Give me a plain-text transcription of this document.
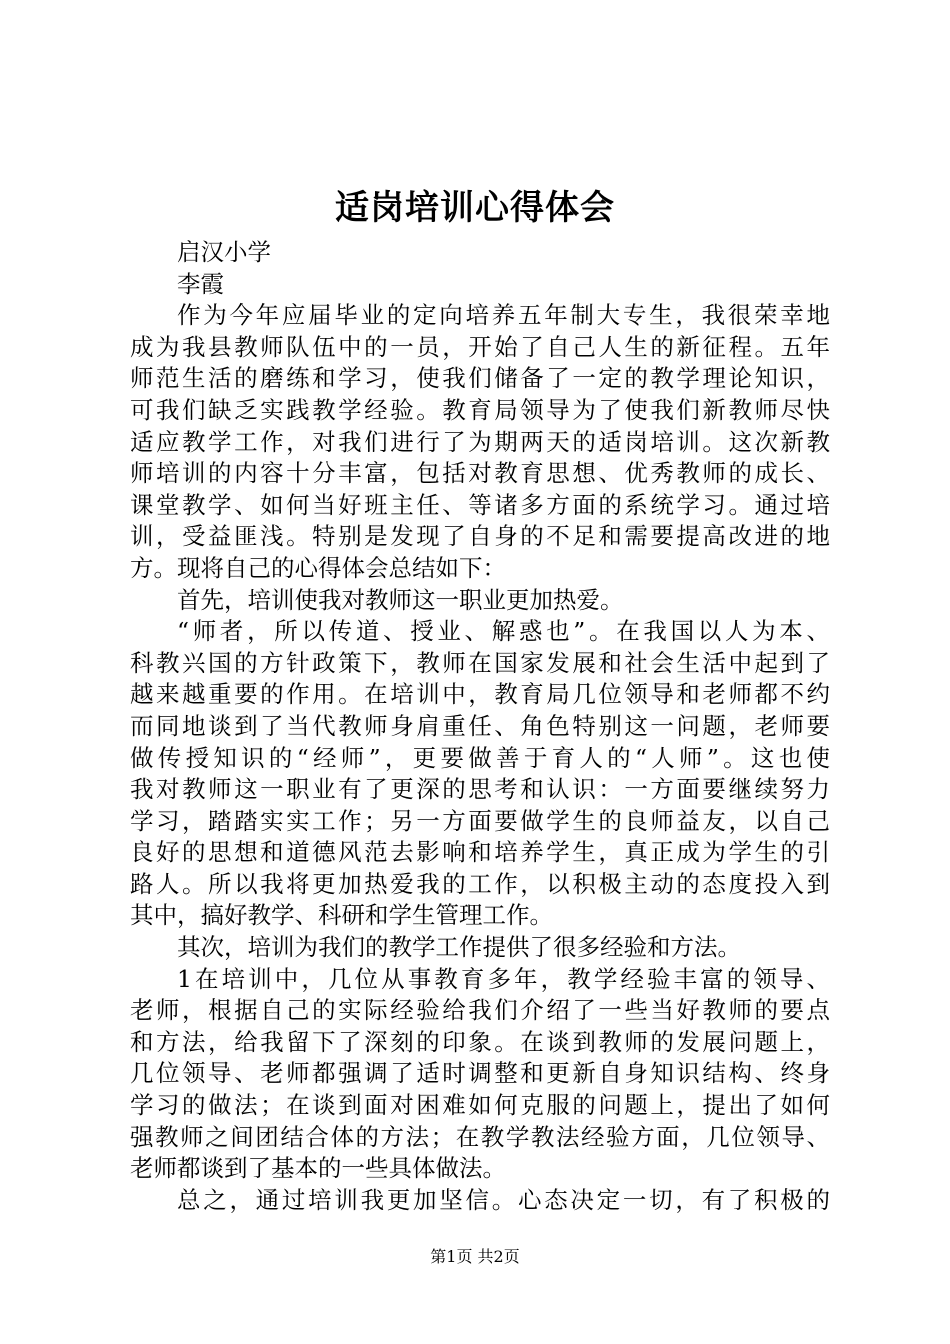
适岗培训心得体会
启汉小学
李霞
作为今年应届毕业的定向培养五年制大专生，我很荣幸地
成为我县教师队伍中的一员，开始了自己人生的新征程。五年
师范生活的磨练和学习，使我们储备了一定的教学理论知识，
可我们缺乏实践教学经验。教育局领导为了使我们新教师尽快
适应教学工作，对我们进行了为期两天的适岗培训。这次新教
师培训的内容十分丰富，包括对教育思想、优秀教师的成长、
课堂教学、如何当好班主任、等诸多方面的系统学习。通过培
训，受益匪浅。特别是发现了自身的不足和需要提高改进的地
方。现将自己的心得体会总结如下：
首先，培训使我对教师这一职业更加热爱。
“师者，所以传道、授业、解惑也”。在我国以人为本、
科教兴国的方针政策下，教师在国家发展和社会生活中起到了
越来越重要的作用。在培训中，教育局几位领导和老师都不约
而同地谈到了当代教师身肩重任、角色特别这一问题，老师要
做传授知识的“经师”，更要做善于育人的“人师”。这也使
我对教师这一职业有了更深的思考和认识：一方面要继续努力
学习，踏踏实实工作；另一方面要做学生的良师益友，以自己
良好的思想和道德风范去影响和培养学生，真正成为学生的引
路人。所以我将更加热爱我的工作，以积极主动的态度投入到
其中，搞好教学、科研和学生管理工作。
其次，培训为我们的教学工作提供了很多经验和方法。
1在培训中，几位从事教育多年，教学经验丰富的领导、
老师，根据自己的实际经验给我们介绍了一些当好教师的要点
和方法，给我留下了深刻的印象。在谈到教师的发展问题上，
几位领导、老师都强调了适时调整和更新自身知识结构、终身
学习的做法；在谈到面对困难如何克服的问题上，提出了如何
强教师之间团结合体的方法；在教学教法经验方面，几位领导、
老师都谈到了基本的一些具体做法。
总之，通过培训我更加坚信。心态决定一切，有了积极的
第1页 共2页
